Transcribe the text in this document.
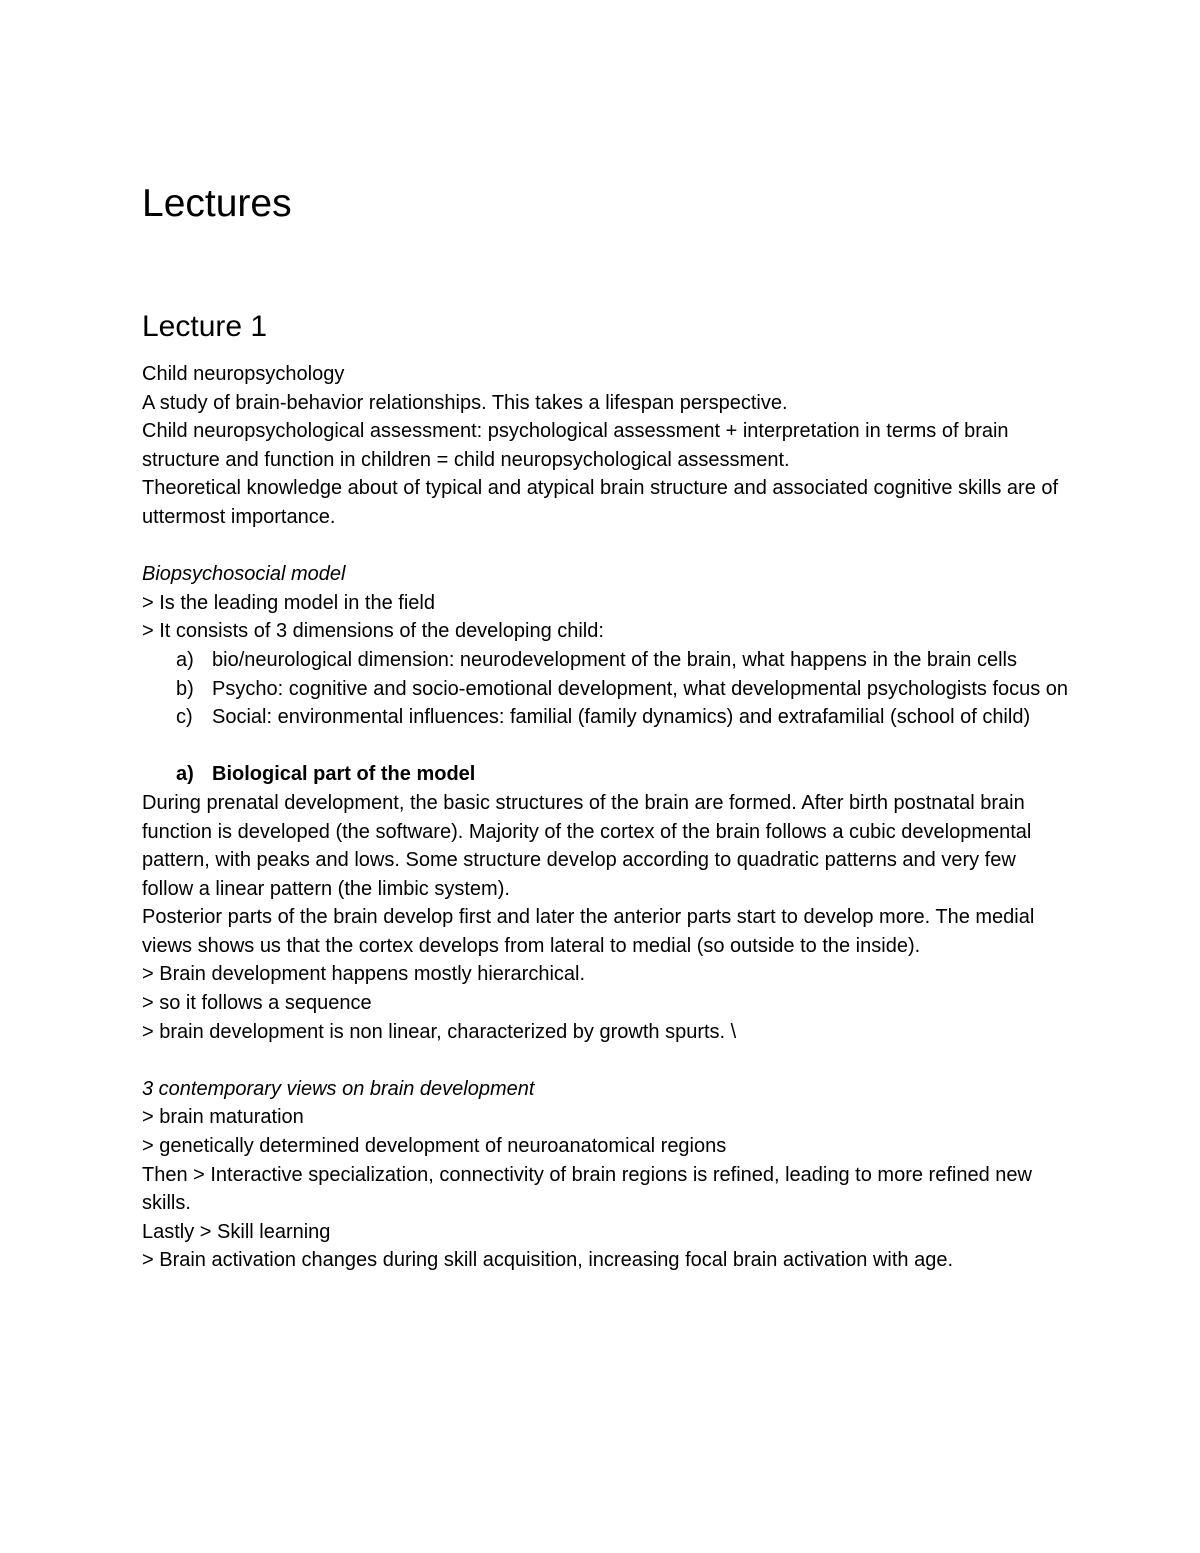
Lectures
Lecture 1

Child neuropsychology

A study of brain-behavior relationships. This takes a lifespan perspective.

Child neuropsychological assessment: psychological assessment + interpretation in terms of brain structure and function in children = child neuropsychological assessment.

Theoretical knowledge about of typical and atypical brain structure and associated cognitive skills are of uttermost importance.

Biopsychosocial model

> Is the leading model in the field

> It consists of 3 dimensions of the developing child:

a) bio/neurological dimension: neurodevelopment of the brain, what happens in the brain cells
b) Psycho: cognitive and socio-emotional development, what developmental psychologists focus on
c) Social: environmental influences: familial (family dynamics) and extrafamilial (school of child)
a) Biological part of the model

During prenatal development, the basic structures of the brain are formed. After birth postnatal brain function is developed (the software). Majority of the cortex of the brain follows a cubic developmental pattern, with peaks and lows. Some structure develop according to quadratic patterns and very few follow a linear pattern (the limbic system).

Posterior parts of the brain develop first and later the anterior parts start to develop more. The medial views shows us that the cortex develops from lateral to medial (so outside to the inside).

> Brain development happens mostly hierarchical.

> so it follows a sequence

> brain development is non linear, characterized by growth spurts. \

3 contemporary views on brain development

> brain maturation

> genetically determined development of neuroanatomical regions

Then > Interactive specialization, connectivity of brain regions is refined, leading to more refined new skills.

Lastly > Skill learning

> Brain activation changes during skill acquisition, increasing focal brain activation with age.
